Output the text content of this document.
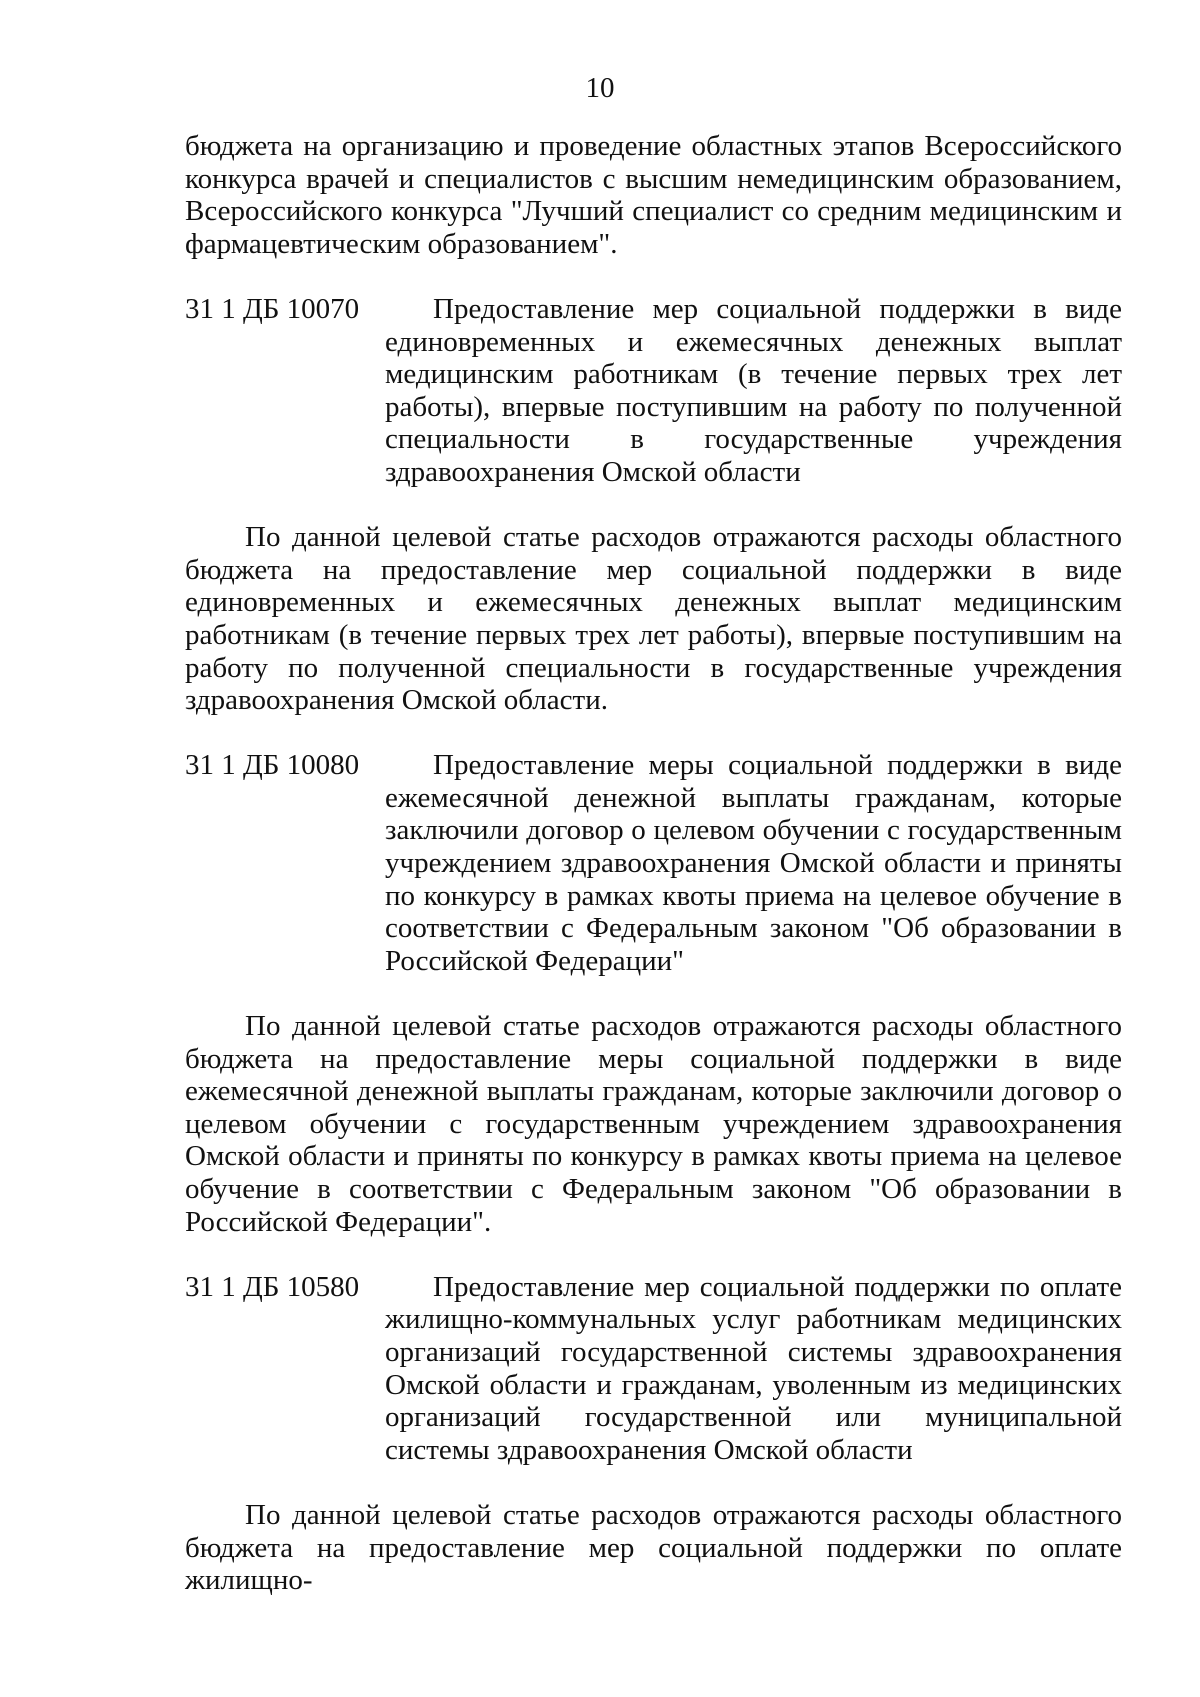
10

бюджета на организацию и проведение областных этапов Всероссийского конкурса врачей и специалистов с высшим немедицинским образованием, Всероссийского конкурса "Лучший специалист со средним медицинским и фармацевтическим образованием".

31 1 ДБ 10070	Предоставление мер социальной поддержки в виде единовременных и ежемесячных денежных выплат медицинским работникам (в течение первых трех лет работы), впервые поступившим на работу по полученной специальности в государственные учреждения здравоохранения Омской области

По данной целевой статье расходов отражаются расходы областного бюджета на предоставление мер социальной поддержки в виде единовременных и ежемесячных денежных выплат медицинским работникам (в течение первых трех лет работы), впервые поступившим на работу по полученной специальности в государственные учреждения здравоохранения Омской области.

31 1 ДБ 10080	Предоставление меры социальной поддержки в виде ежемесячной денежной выплаты гражданам, которые заключили договор о целевом обучении с государственным учреждением здравоохранения Омской области и приняты по конкурсу в рамках квоты приема на целевое обучение в соответствии с Федеральным законом "Об образовании в Российской Федерации"

По данной целевой статье расходов отражаются расходы областного бюджета на предоставление меры социальной поддержки в виде ежемесячной денежной выплаты гражданам, которые заключили договор о целевом обучении с государственным учреждением здравоохранения Омской области и приняты по конкурсу в рамках квоты приема на целевое обучение в соответствии с Федеральным законом "Об образовании в Российской Федерации".

31 1 ДБ 10580	Предоставление мер социальной поддержки по оплате жилищно-коммунальных услуг работникам медицинских организаций государственной системы здравоохранения Омской области и гражданам, уволенным из медицинских организаций государственной или муниципальной системы здравоохранения Омской области

По данной целевой статье расходов отражаются расходы областного бюджета на предоставление мер социальной поддержки по оплате жилищно-
